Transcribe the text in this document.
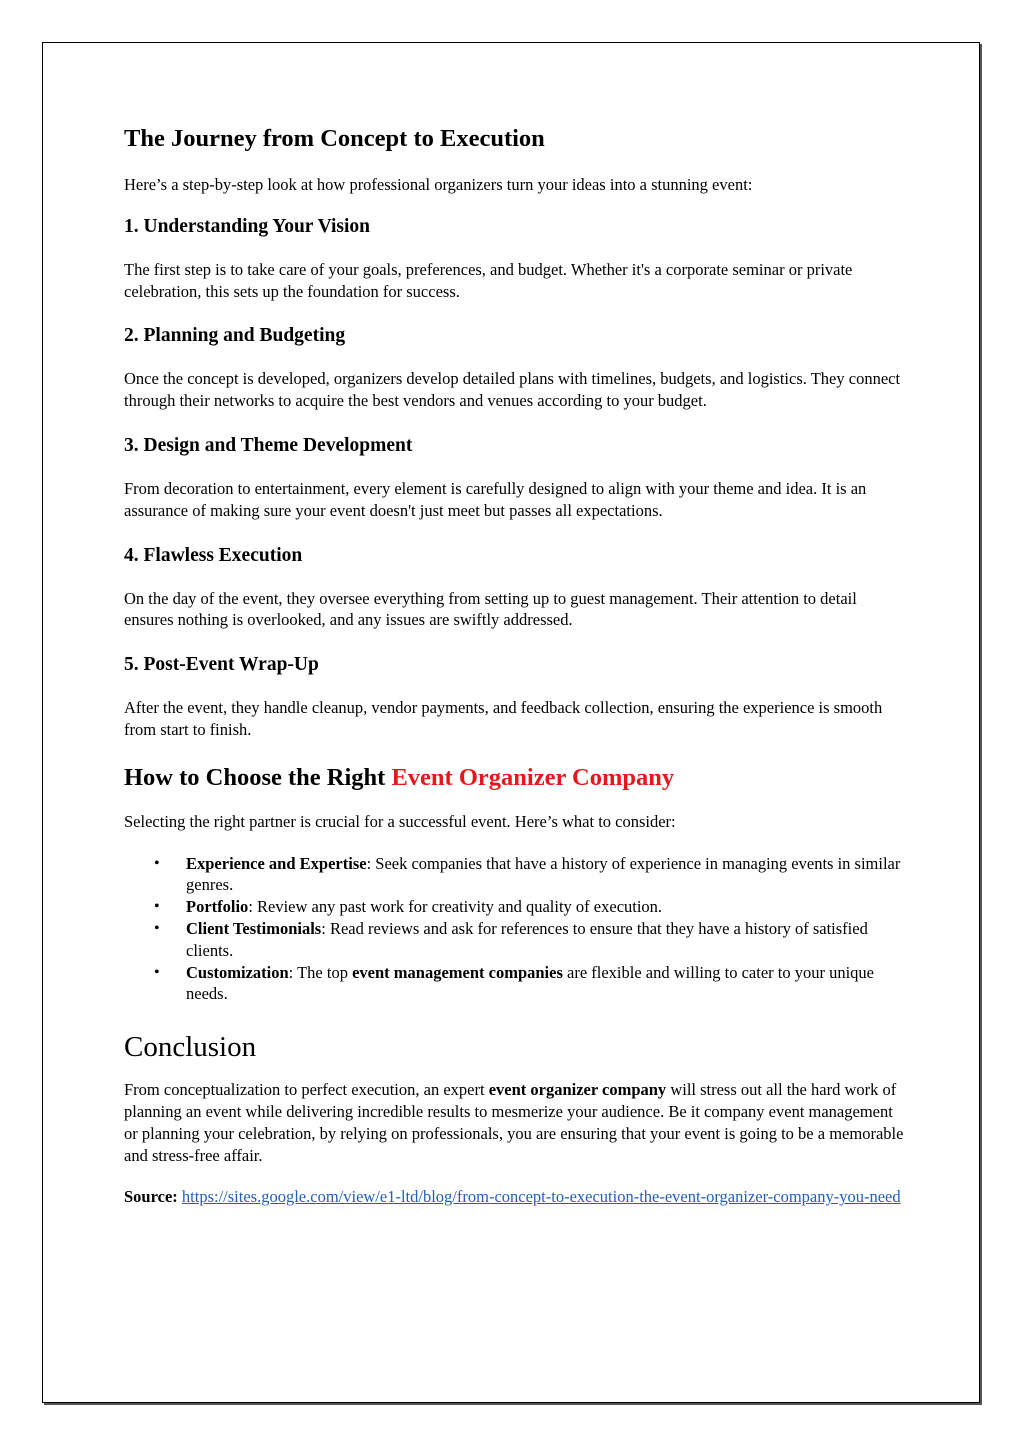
The Journey from Concept to Execution

Here’s a step-by-step look at how professional organizers turn your ideas into a stunning event:

1. Understanding Your Vision

The first step is to take care of your goals, preferences, and budget. Whether it's a corporate seminar or private celebration, this sets up the foundation for success.

2. Planning and Budgeting

Once the concept is developed, organizers develop detailed plans with timelines, budgets, and logistics. They connect through their networks to acquire the best vendors and venues according to your budget.

3. Design and Theme Development

From decoration to entertainment, every element is carefully designed to align with your theme and idea. It is an assurance of making sure your event doesn't just meet but passes all expectations.

4. Flawless Execution

On the day of the event, they oversee everything from setting up to guest management. Their attention to detail ensures nothing is overlooked, and any issues are swiftly addressed.

5. Post-Event Wrap-Up

After the event, they handle cleanup, vendor payments, and feedback collection, ensuring the experience is smooth from start to finish.

How to Choose the Right Event Organizer Company

Selecting the right partner is crucial for a successful event. Here’s what to consider:

• Experience and Expertise: Seek companies that have a history of experience in managing events in similar genres.
• Portfolio: Review any past work for creativity and quality of execution.
• Client Testimonials: Read reviews and ask for references to ensure that they have a history of satisfied clients.
• Customization: The top event management companies are flexible and willing to cater to your unique needs.
Conclusion

From conceptualization to perfect execution, an expert event organizer company will stress out all the hard work of planning an event while delivering incredible results to mesmerize your audience. Be it company event management or planning your celebration, by relying on professionals, you are ensuring that your event is going to be a memorable and stress-free affair.

Source: https://sites.google.com/view/e1-ltd/blog/from-concept-to-execution-the-event-organizer-company-you-need
